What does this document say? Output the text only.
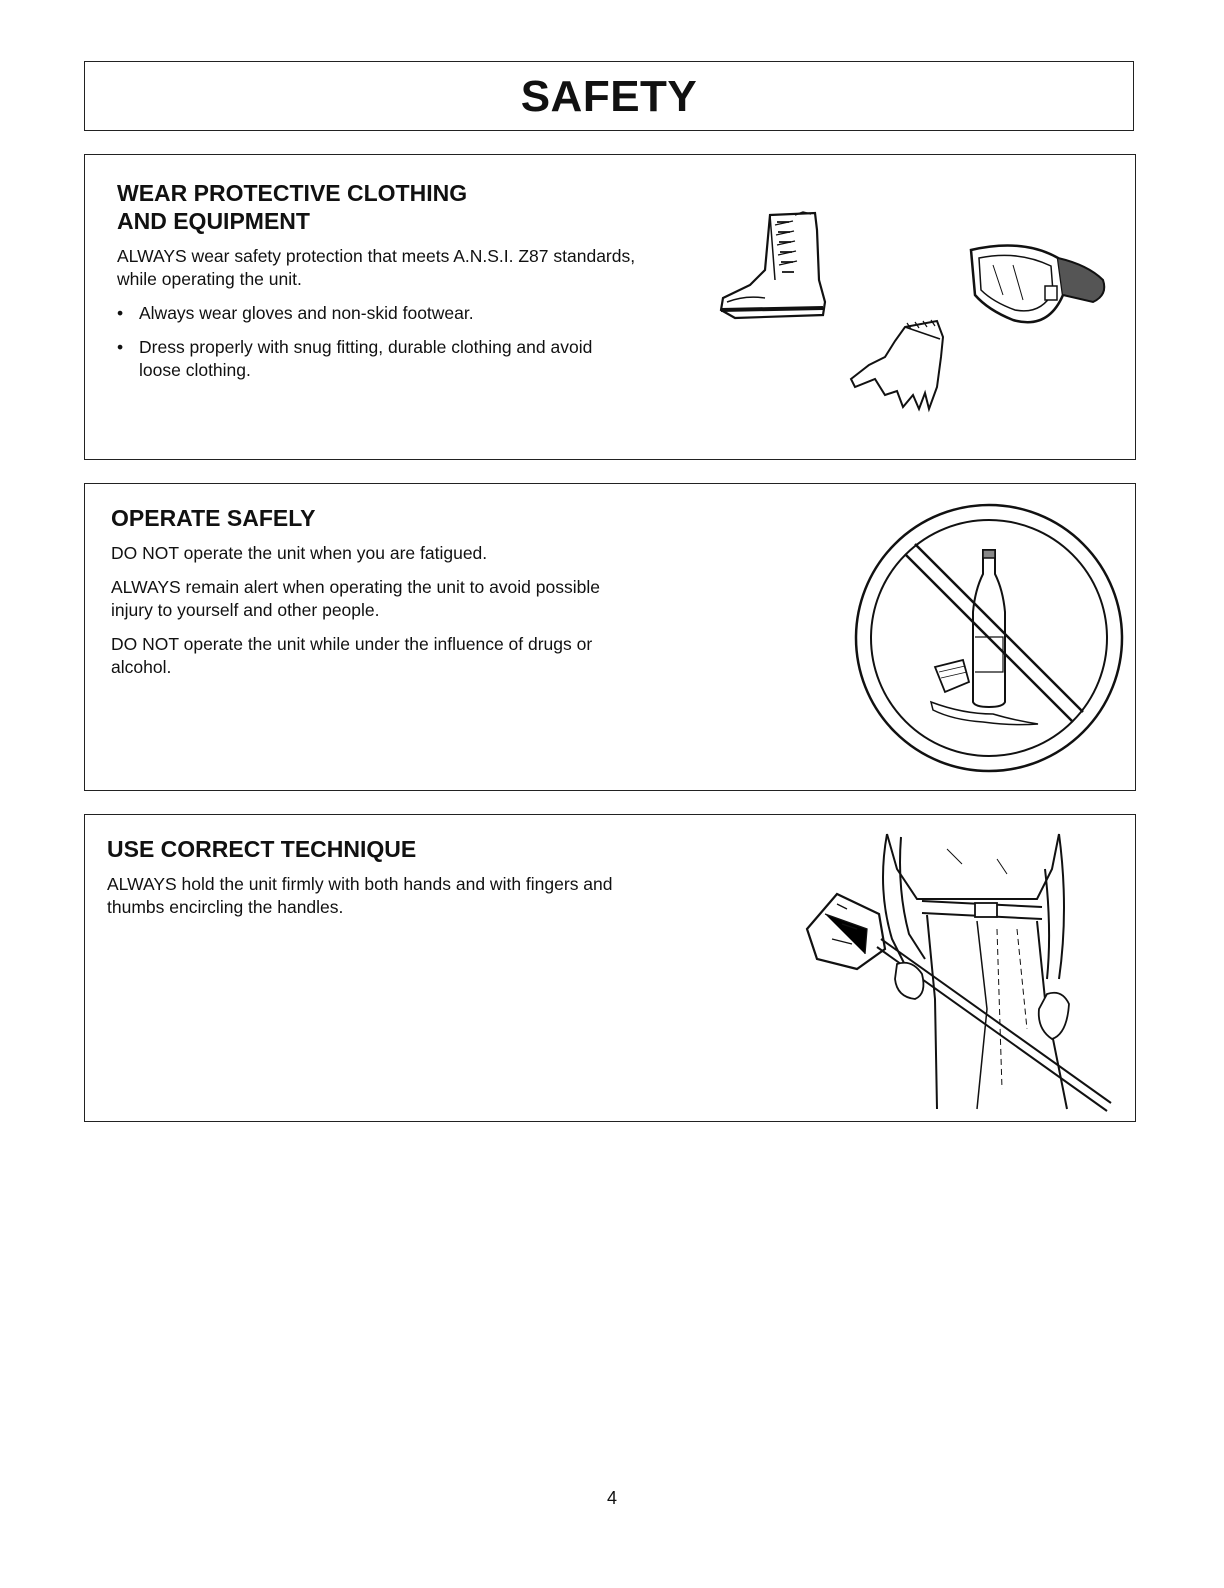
SAFETY
WEAR PROTECTIVE CLOTHING
AND EQUIPMENT

ALWAYS wear safety protection that meets A.N.S.I. Z87 standards, while operating the unit.

• Always wear gloves and non-skid footwear.
• Dress properly with snug fitting, durable clothing and avoid loose clothing.
OPERATE SAFELY

DO NOT operate the unit when you are fatigued.

ALWAYS remain alert when operating the unit to avoid possible injury to yourself and other people.

DO NOT operate the unit while under the influence of drugs or alcohol.

USE CORRECT TECHNIQUE

ALWAYS hold the unit firmly with both hands and with fingers and thumbs encircling the handles.

4
